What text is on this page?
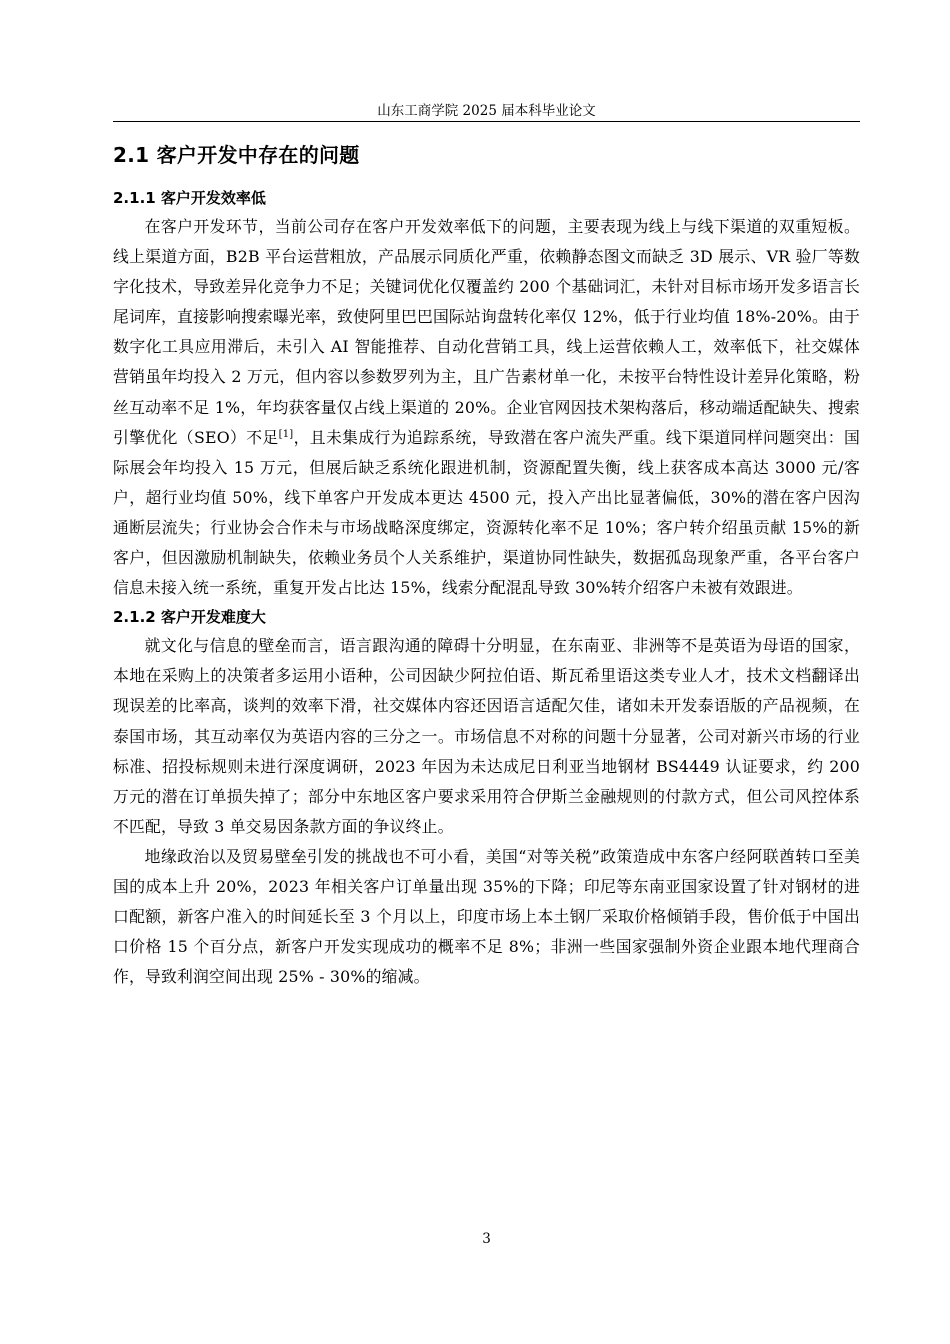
山东工商学院 2025 届本科毕业论文
2.1 客户开发中存在的问题
2.1.1 客户开发效率低

在客户开发环节，当前公司存在客户开发效率低下的问题，主要表现为线上与线下渠道的双重短板。线上渠道方面，B2B 平台运营粗放，产品展示同质化严重，依赖静态图文而缺乏 3D 展示、VR 验厂等数字化技术，导致差异化竞争力不足；关键词优化仅覆盖约 200 个基础词汇，未针对目标市场开发多语言长尾词库，直接影响搜索曝光率，致使阿里巴巴国际站询盘转化率仅 12%，低于行业均值 18%-20%。由于数字化工具应用滞后，未引入 AI 智能推荐、自动化营销工具，线上运营依赖人工，效率低下，社交媒体营销虽年均投入 2 万元，但内容以参数罗列为主，且广告素材单一化，未按平台特性设计差异化策略，粉丝互动率不足 1%，年均获客量仅占线上渠道的 20%。企业官网因技术架构落后，移动端适配缺失、搜索引擎优化（SEO）不足[1]，且未集成行为追踪系统，导致潜在客户流失严重。线下渠道同样问题突出：国际展会年均投入 15 万元，但展后缺乏系统化跟进机制，资源配置失衡，线上获客成本高达 3000 元/客户，超行业均值 50%，线下单客户开发成本更达 4500 元，投入产出比显著偏低，30%的潜在客户因沟通断层流失；行业协会合作未与市场战略深度绑定，资源转化率不足 10%；客户转介绍虽贡献 15%的新客户，但因激励机制缺失，依赖业务员个人关系维护，渠道协同性缺失，数据孤岛现象严重，各平台客户信息未接入统一系统，重复开发占比达 15%，线索分配混乱导致 30%转介绍客户未被有效跟进。

2.1.2 客户开发难度大

就文化与信息的壁垒而言，语言跟沟通的障碍十分明显，在东南亚、非洲等不是英语为母语的国家，本地在采购上的决策者多运用小语种，公司因缺少阿拉伯语、斯瓦希里语这类专业人才，技术文档翻译出现误差的比率高，谈判的效率下滑，社交媒体内容还因语言适配欠佳，诸如未开发泰语版的产品视频，在泰国市场，其互动率仅为英语内容的三分之一。市场信息不对称的问题十分显著，公司对新兴市场的行业标准、招投标规则未进行深度调研，2023 年因为未达成尼日利亚当地钢材 BS4449 认证要求，约 200 万元的潜在订单损失掉了；部分中东地区客户要求采用符合伊斯兰金融规则的付款方式，但公司风控体系不匹配，导致 3 单交易因条款方面的争议终止。

地缘政治以及贸易壁垒引发的挑战也不可小看，美国“对等关税”政策造成中东客户经阿联酋转口至美国的成本上升 20%，2023 年相关客户订单量出现 35%的下降；印尼等东南亚国家设置了针对钢材的进口配额，新客户准入的时间延长至 3 个月以上，印度市场上本土钢厂采取价格倾销手段，售价低于中国出口价格 15 个百分点，新客户开发实现成功的概率不足 8%；非洲一些国家强制外资企业跟本地代理商合作，导致利润空间出现 25% - 30%的缩减。

3
